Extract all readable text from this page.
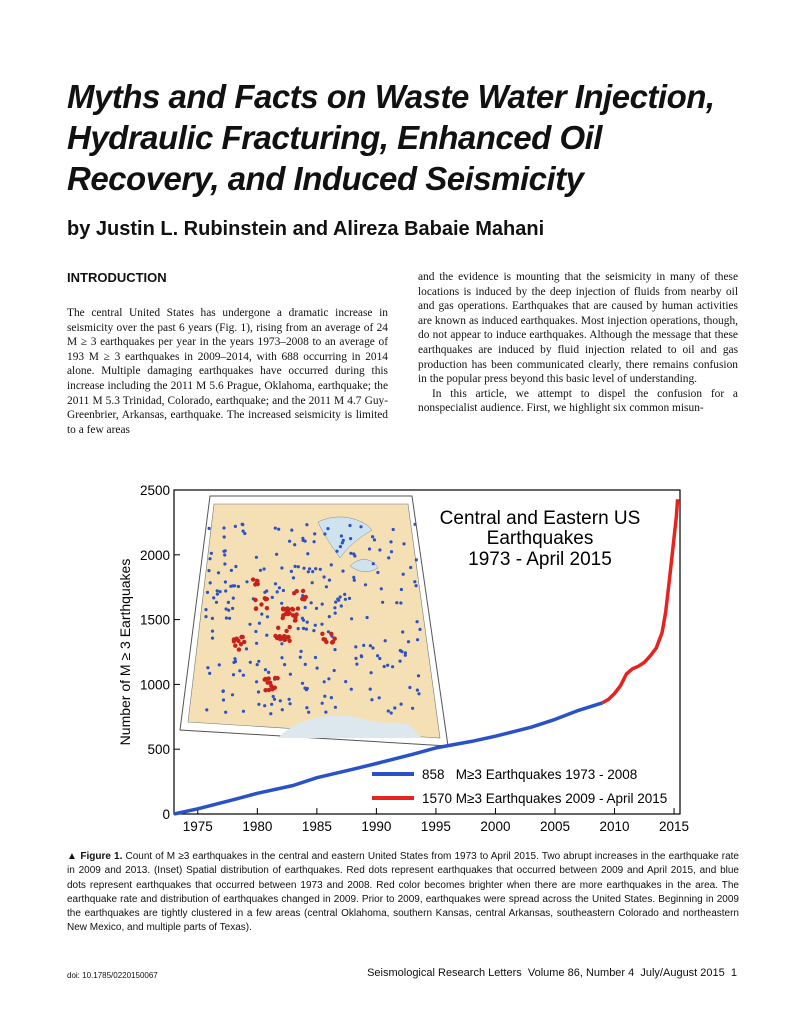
Myths and Facts on Waste Water Injection, Hydraulic Fracturing, Enhanced Oil Recovery, and Induced Seismicity
by Justin L. Rubinstein and Alireza Babaie Mahani
INTRODUCTION

The central United States has undergone a dramatic increase in seismicity over the past 6 years (Fig. 1), rising from an average of 24 M ≥ 3 earthquakes per year in the years 1973–2008 to an average of 193 M ≥ 3 earthquakes in 2009–2014, with 688 occurring in 2014 alone. Multiple damaging earthquakes have occurred during this increase including the 2011 M 5.6 Prague, Oklahoma, earthquake; the 2011 M 5.3 Trinidad, Colorado, earthquake; and the 2011 M 4.7 Guy-Greenbrier, Arkansas, earthquake. The increased seismicity is limited to a few areas

and the evidence is mounting that the seismicity in many of these locations is induced by the deep injection of fluids from nearby oil and gas operations. Earthquakes that are caused by human activities are known as induced earthquakes. Most injection operations, though, do not appear to induce earthquakes. Although the message that these earthquakes are induced by fluid injection related to oil and gas production has been communicated clearly, there remains confusion in the popular press beyond this basic level of understanding.

In this article, we attempt to dispel the confusion for a nonspecialist audience. First, we highlight six common misun-

1975 1980 1985 1990 1995 2000 2005 2010 2015
0
500
1000
1500
2000
2500
Central and Eastern US
Earthquakes
1973 - April 2015
858   M≥3 Earthquakes 1973 - 2008
1570 M≥3 Earthquakes 2009 - April 2015
Number of M ≥ 3 Earthquakes
▲ Figure 1. Count of M ≥3 earthquakes in the central and eastern United States from 1973 to April 2015. Two abrupt increases in the earthquake rate in 2009 and 2013. (Inset) Spatial distribution of earthquakes. Red dots represent earthquakes that occurred between 2009 and April 2015, and blue dots represent earthquakes that occurred between 1973 and 2008. Red color becomes brighter when there are more earthquakes in the area. The earthquake rate and distribution of earthquakes changed in 2009. Prior to 2009, earthquakes were spread across the United States. Beginning in 2009 the earthquakes are tightly clustered in a few areas (central Oklahoma, southern Kansas, central Arkansas, southeastern Colorado and northeastern New Mexico, and multiple parts of Texas).
doi: 10.1785/0220150067	Seismological Research Letters  Volume 86, Number 4  July/August 2015  1
